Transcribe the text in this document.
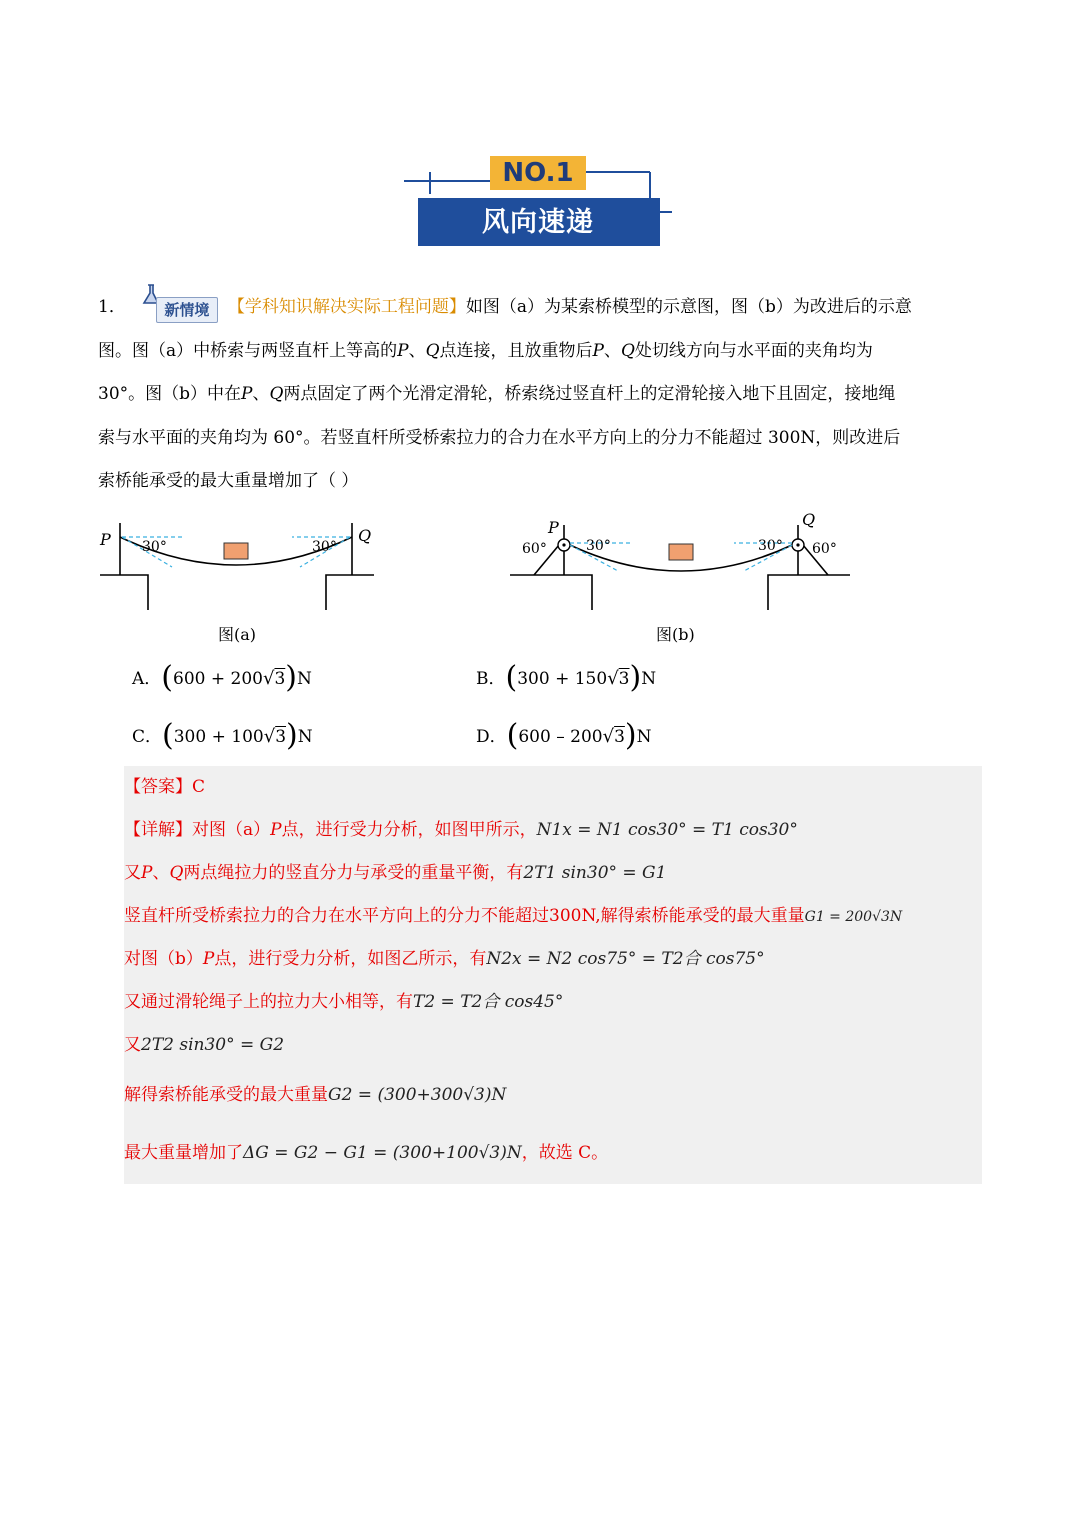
NO.1
风向速递
1．	新情境	【学科知识解决实际工程问题】如图（a）为某索桥模型的示意图，图（b）为改进后的示意
图。图（a）中桥索与两竖直杆上等高的P、Q点连接，且放重物后P、Q处切线方向与水平面的夹角均为
30°。图（b）中在P、Q两点固定了两个光滑定滑轮，桥索绕过竖直杆上的定滑轮接入地下且固定，接地绳
索与水平面的夹角均为 60°。若竖直杆所受桥索拉力的合力在水平方向上的分力不能超过 300N，则改进后
索桥能承受的最大重量增加了（ ）
P	Q
30°	30°
图(a)
P	Q
60°	30°	30° 60°
图(b)
A．(600 + 200√3)N	B．(300 + 150√3)N
C．(300 + 100√3)N	D．(600 – 200√3)N
【答案】C
【详解】对图（a）P点，进行受力分析，如图甲所示，N1x = N1 cos30° = T1 cos30°
又P、Q两点绳拉力的竖直分力与承受的重量平衡，有2T1 sin30° = G1
竖直杆所受桥索拉力的合力在水平方向上的分力不能超过300N,解得索桥能承受的最大重量G1 = 200√3N
对图（b）P点，进行受力分析，如图乙所示，有N2x = N2 cos75° = T2合 cos75°
又通过滑轮绳子上的拉力大小相等，有T2 = T2合 cos45°
又2T2 sin30° = G2
解得索桥能承受的最大重量G2 = (300+300√3)N
最大重量增加了ΔG = G2 − G1 = (300+100√3)N，故选 C。
